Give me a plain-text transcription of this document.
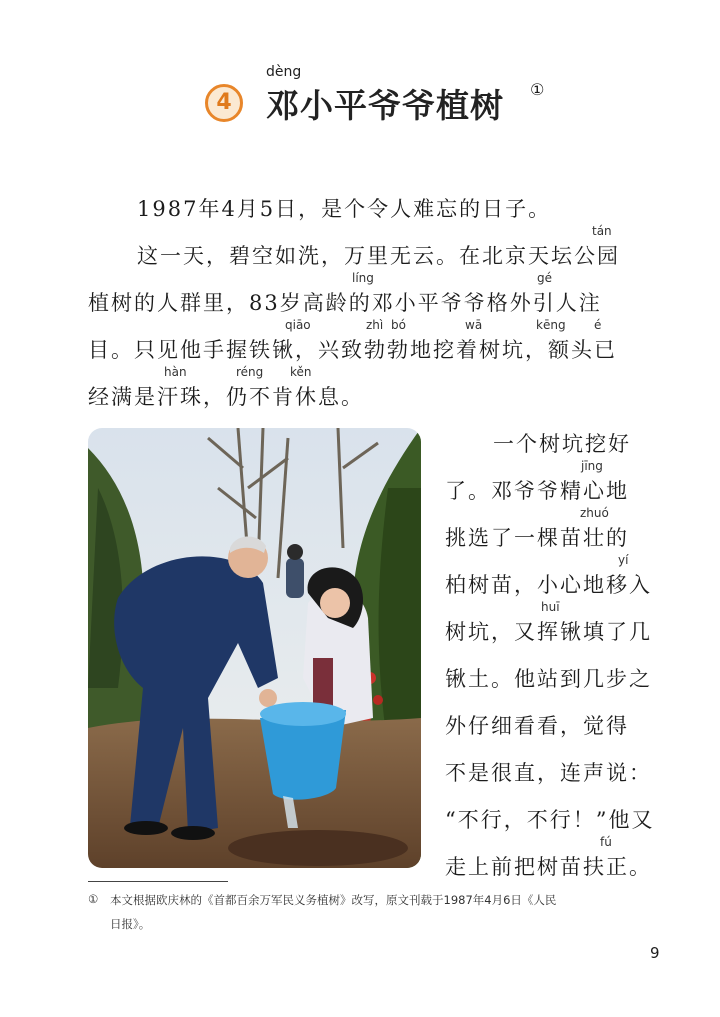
4
dèng
邓小平爷爷植树 ①
1987年4月5日，是个令人难忘的日子。
tán
这一天，碧空如洗，万里无云。在北京天坛公园
líng	gé
植树的人群里，83岁高龄的邓小平爷爷格外引人注
qiāo	zhì bó	wā	kēng é
目。只见他手握铁锹，兴致勃勃地挖着树坑，额头已
hàn	réng kěn
经满是汗珠，仍不肯休息。
一个树坑挖好
jīng
了。邓爷爷精心地
zhuó
挑选了一棵苗壮的
yí
柏树苗，小心地移入
huī
树坑，又挥锹填了几
锹土。他站到几步之
外仔细看看，觉得
不是很直，连声说：
“不行，不行！”他又
fú
走上前把树苗扶正。
① 本文根据欧庆林的《首都百余万军民义务植树》改写，原文刊载于1987年4月6日《人民
日报》。
9
